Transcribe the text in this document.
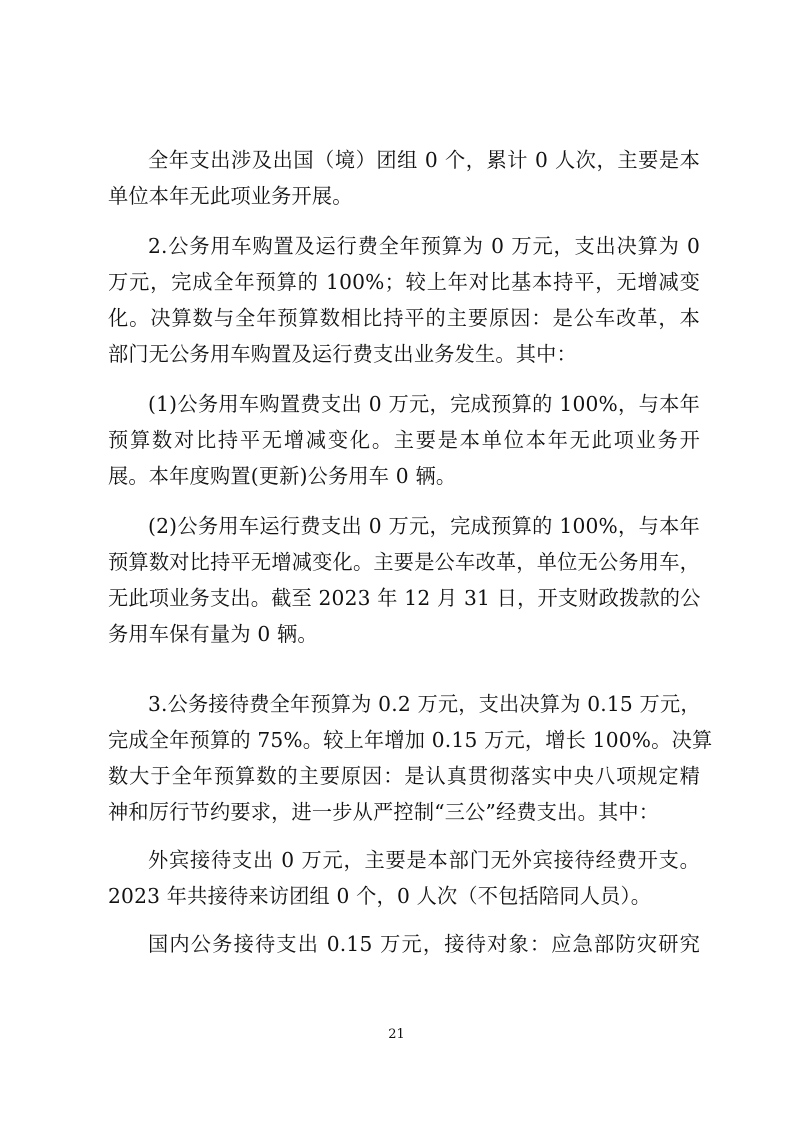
全年支出涉及出国（境）团组 0 个，累计 0 人次，主要是本
单位本年无此项业务开展。
2.公务用车购置及运行费全年预算为 0 万元，支出决算为 0
万元，完成全年预算的 100%；较上年对比基本持平，无增减变
化。决算数与全年预算数相比持平的主要原因：是公车改革，本
部门无公务用车购置及运行费支出业务发生。其中：
(1)公务用车购置费支出 0 万元，完成预算的 100%，与本年
预算数对比持平无增减变化。主要是本单位本年无此项业务开
展。本年度购置(更新)公务用车 0 辆。
(2)公务用车运行费支出 0 万元，完成预算的 100%，与本年
预算数对比持平无增减变化。主要是公车改革，单位无公务用车，
无此项业务支出。截至 2023 年 12 月 31 日，开支财政拨款的公
务用车保有量为 0 辆。
3.公务接待费全年预算为 0.2 万元，支出决算为 0.15 万元，
完成全年预算的 75%。较上年增加 0.15 万元，增长 100%。决算
数大于全年预算数的主要原因：是认真贯彻落实中央八项规定精
神和厉行节约要求，进一步从严控制“三公”经费支出。其中：
外宾接待支出 0 万元，主要是本部门无外宾接待经费开支。
2023 年共接待来访团组 0 个，0 人次（不包括陪同人员）。
国内公务接待支出 0.15 万元，接待对象：应急部防灾研究
21
